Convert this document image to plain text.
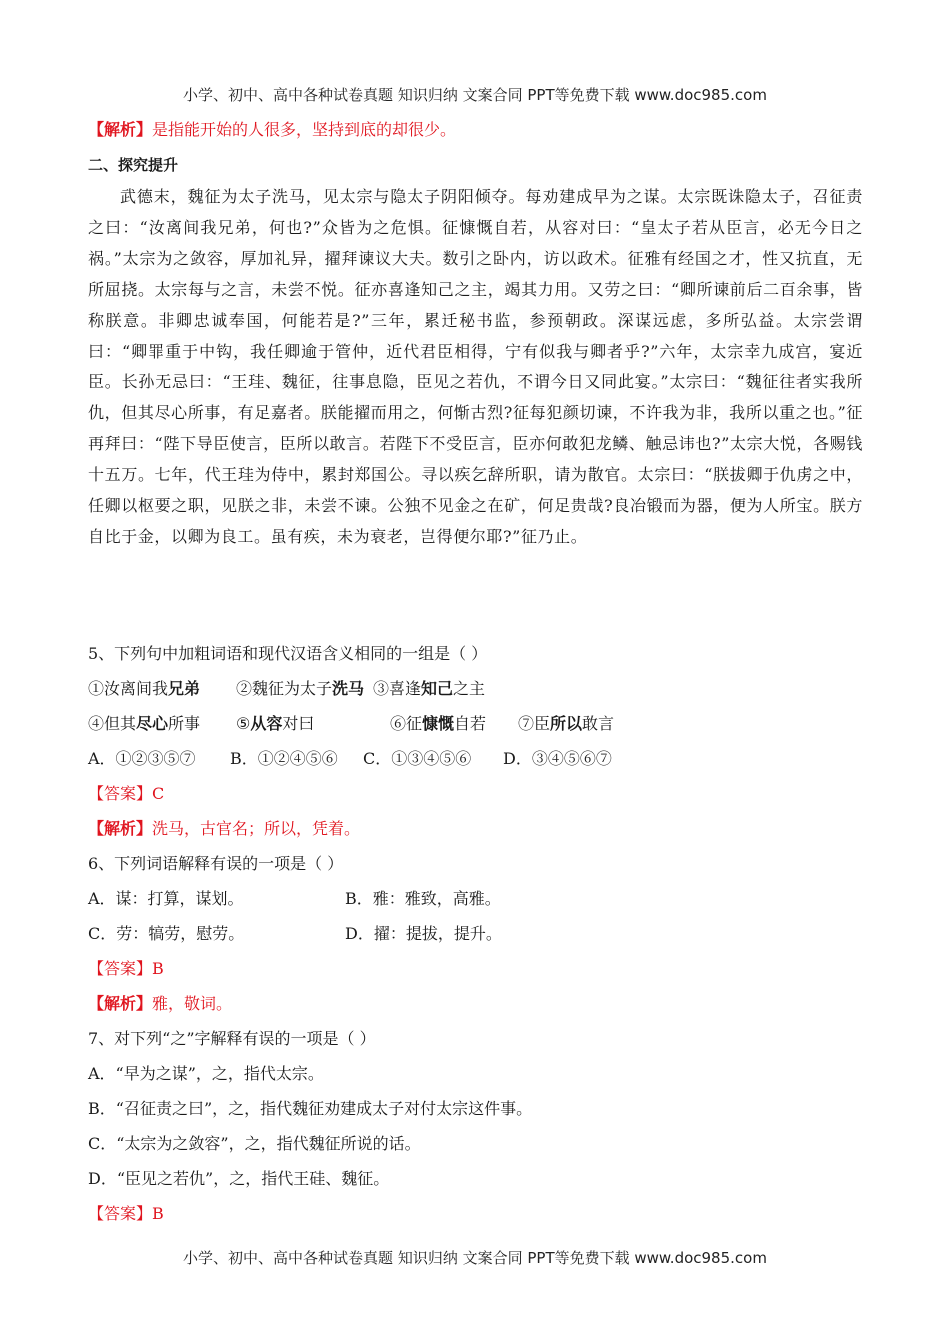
小学、初中、高中各种试卷真题 知识归纳 文案合同 PPT等免费下载 www.doc985.com
【解析】是指能开始的人很多，坚持到底的却很少。
二、探究提升
武德末，魏征为太子洗马，见太宗与隐太子阴阳倾夺。每劝建成早为之谋。太宗既诛隐太子，召征责之曰：“汝离间我兄弟，何也?”众皆为之危惧。征慷慨自若，从容对曰：“皇太子若从臣言，必无今日之祸。”太宗为之敛容，厚加礼异，擢拜谏议大夫。数引之卧内，访以政术。征雅有经国之才，性又抗直，无所屈挠。太宗每与之言，未尝不悦。征亦喜逢知己之主，竭其力用。又劳之曰：“卿所谏前后二百余事，皆称朕意。非卿忠诚奉国，何能若是?”三年，累迁秘书监，参预朝政。深谋远虑，多所弘益。太宗尝谓曰：“卿罪重于中钩，我任卿逾于管仲，近代君臣相得，宁有似我与卿者乎?”六年，太宗幸九成宫，宴近臣。长孙无忌曰：“王珪、魏征，往事息隐，臣见之若仇，不谓今日又同此宴。”太宗曰：“魏征往者实我所仇，但其尽心所事，有足嘉者。朕能擢而用之，何惭古烈?征每犯颜切谏，不许我为非，我所以重之也。”征再拜曰：“陛下导臣使言，臣所以敢言。若陛下不受臣言，臣亦何敢犯龙鳞、触忌讳也?”太宗大悦，各赐钱十五万。七年，代王珪为侍中，累封郑国公。寻以疾乞辞所职，请为散官。太宗曰：“朕拔卿于仇虏之中，任卿以枢要之职，见朕之非，未尝不谏。公独不见金之在矿，何足贵哉?良冶锻而为器，便为人所宝。朕方自比于金，以卿为良工。虽有疾，未为衰老，岂得便尔耶?”征乃止。
5、下列句中加粗词语和现代汉语含义相同的一组是（ ）
①汝离间我兄弟 ②魏征为太子洗马 ③喜逢知己之主
④但其尽心所事 ⑤从容对曰	⑥征慷慨自若 ⑦臣所以敢言
A．①②③⑤⑦ B．①②④⑤⑥ C．①③④⑤⑥ D．③④⑤⑥⑦
【答案】C
【解析】洗马，古官名；所以，凭着。
6、下列词语解释有误的一项是（ ）
A．谋：打算，谋划。	B．雅：雅致，高雅。
C．劳：犒劳，慰劳。	D．擢：提拔，提升。
【答案】B
【解析】雅，敬词。
7、对下列“之”字解释有误的一项是（ ）
A．“早为之谋”，之，指代太宗。
B．“召征责之曰”，之，指代魏征劝建成太子对付太宗这件事。
C．“太宗为之敛容”，之，指代魏征所说的话。
D．“臣见之若仇”，之，指代王硅、魏征。
【答案】B
小学、初中、高中各种试卷真题 知识归纳 文案合同 PPT等免费下载 www.doc985.com
